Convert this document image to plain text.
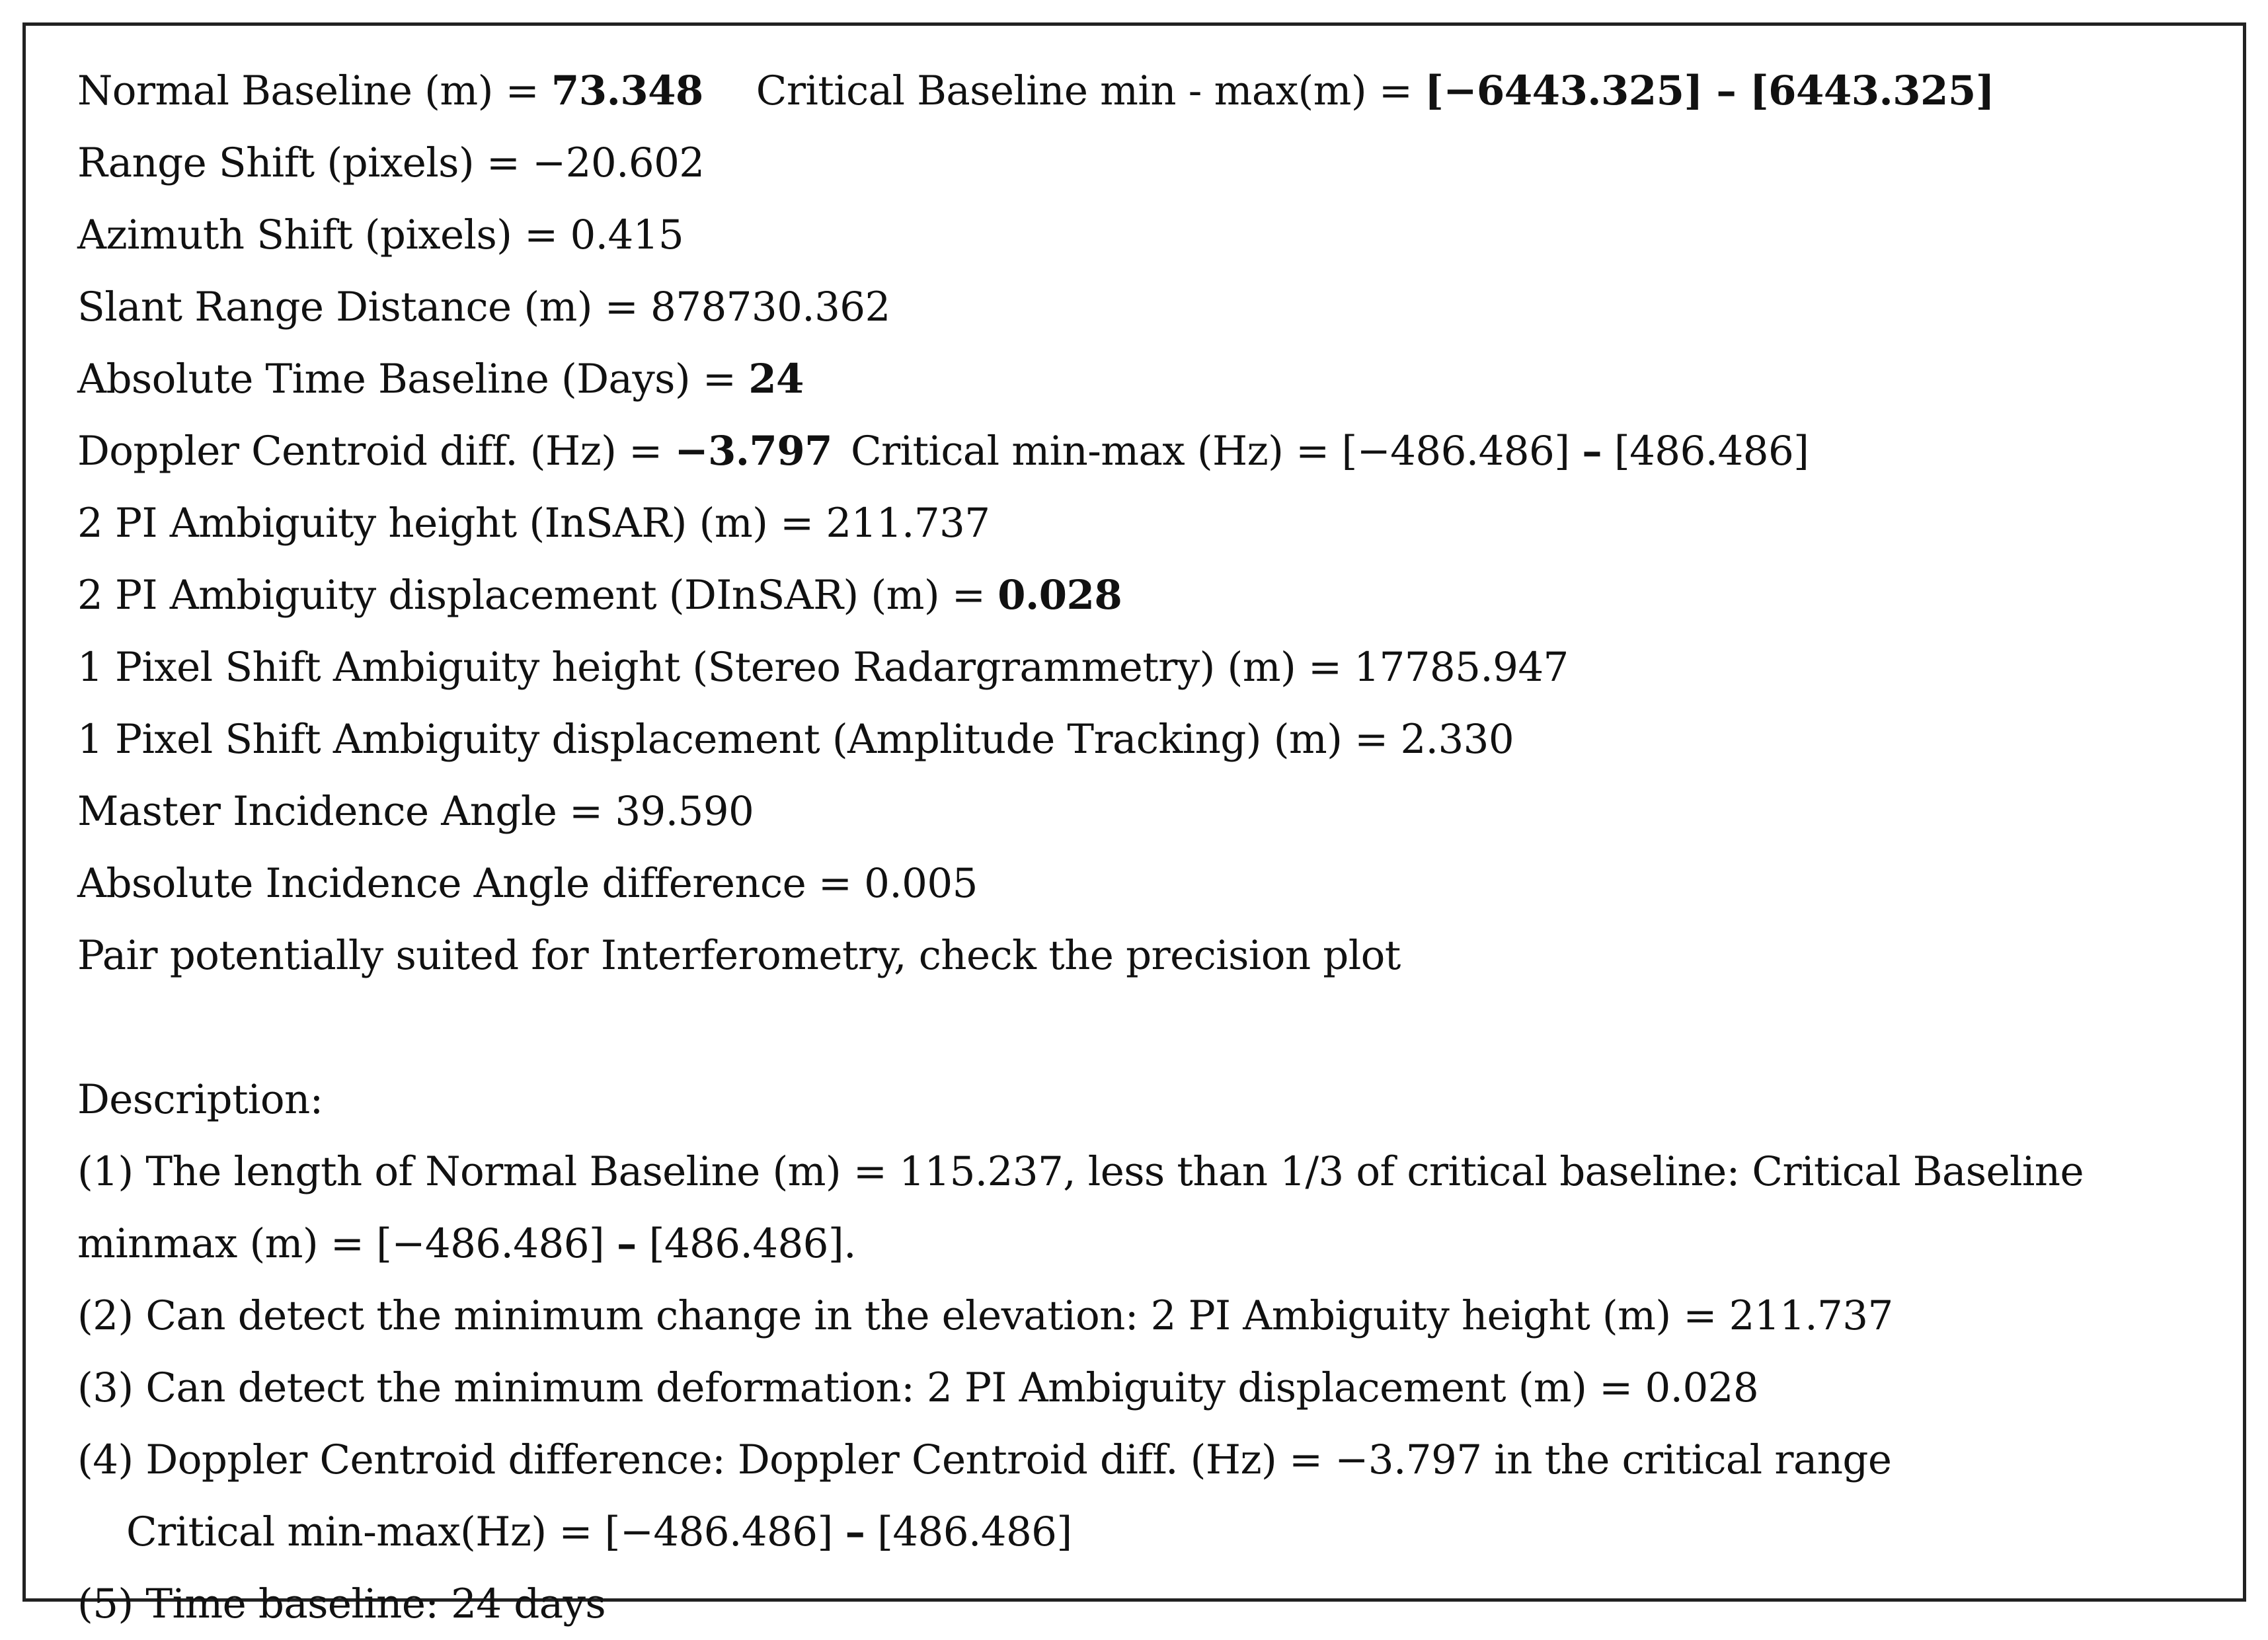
Normal Baseline (m) = 73.348 Critical Baseline min - max(m) = [−6443.325] – [6443.325]
Range Shift (pixels) = −20.602
Azimuth Shift (pixels) = 0.415
Slant Range Distance (m) = 878730.362
Absolute Time Baseline (Days) = 24
Doppler Centroid diff. (Hz) = −3.797 Critical min-max (Hz) = [−486.486] – [486.486]
2 PI Ambiguity height (InSAR) (m) = 211.737
2 PI Ambiguity displacement (DInSAR) (m) = 0.028
1 Pixel Shift Ambiguity height (Stereo Radargrammetry) (m) = 17785.947
1 Pixel Shift Ambiguity displacement (Amplitude Tracking) (m) = 2.330
Master Incidence Angle = 39.590
Absolute Incidence Angle difference = 0.005
Pair potentially suited for Interferometry, check the precision plot
Description:
(1) The length of Normal Baseline (m) = 115.237, less than 1/3 of critical baseline: Critical Baseline
minmax (m) = [−486.486] – [486.486].
(2) Can detect the minimum change in the elevation: 2 PI Ambiguity height (m) = 211.737
(3) Can detect the minimum deformation: 2 PI Ambiguity displacement (m) = 0.028
(4) Doppler Centroid difference: Doppler Centroid diff. (Hz) = −3.797 in the critical range
Critical min-max(Hz) = [−486.486] – [486.486]
(5) Time baseline: 24 days
